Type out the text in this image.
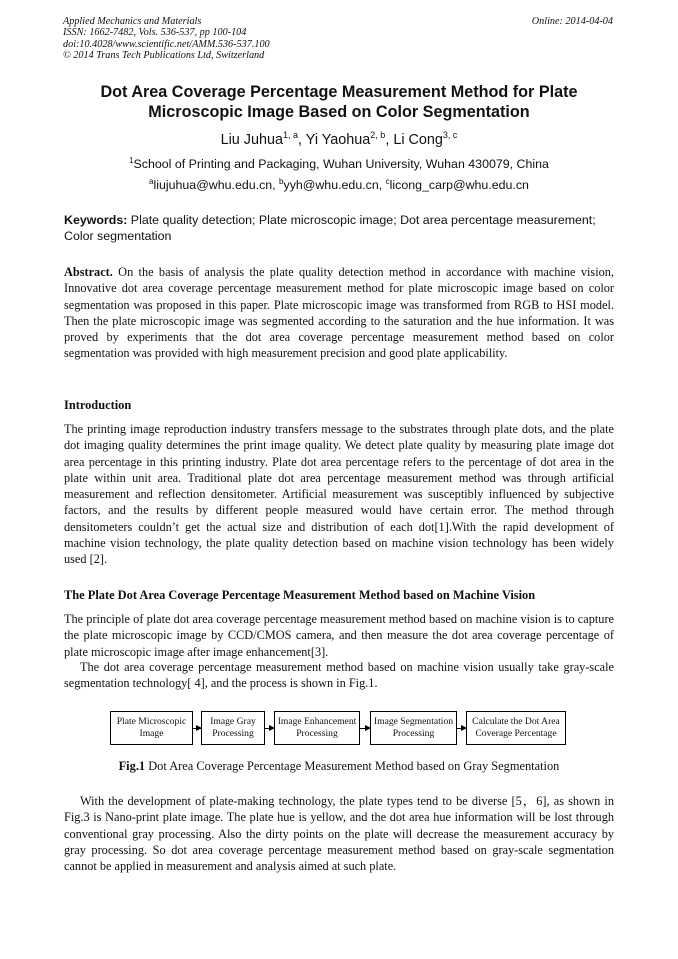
Applied Mechanics and Materials
ISSN: 1662-7482, Vols. 536-537, pp 100-104
doi:10.4028/www.scientific.net/AMM.536-537.100
© 2014 Trans Tech Publications Ltd, Switzerland
Online: 2014-04-04
Dot Area Coverage Percentage Measurement Method for Plate
Microscopic Image Based on Color Segmentation
Liu Juhua$^{1, a}$, Yi Yaohua$^{2, b}$, Li Cong$^{3, c}$
$^1$School of Printing and Packaging, Wuhan University, Wuhan 430079, China
$^a$liujuhua@whu.edu.cn, $^b$yyh@whu.edu.cn, $^c$licong_carp@whu.edu.cn
Keywords: Plate quality detection; Plate microscopic image; Dot area percentage measurement; Color segmentation
Abstract. On the basis of analysis the plate quality detection method in accordance with machine vision, Innovative dot area coverage percentage measurement method for plate microscopic image based on color segmentation was proposed in this paper. Plate microscopic image was transformed from RGB to HSI model. Then the plate microscopic image was segmented according to the saturation and the hue information. It was proved by experiments that the dot area coverage percentage measurement method based on color segmentation was provided with high measurement precision and good plate applicability.
Introduction
The printing image reproduction industry transfers message to the substrates through plate dots, and the plate dot imaging quality determines the print image quality. We detect plate quality by measuring plate image dot area percentage in this printing industry. Plate dot area percentage refers to the percentage of dot area in the plate within unit area. Traditional plate dot area percentage measurement method was through artificial measurement and reflection densitometer. Artificial measurement was susceptibly influenced by subjective factors, and the results by different people measured would have certain error. The method through densitometers couldn’t get the actual size and distribution of each dot[1].With the rapid development of machine vision technology, the plate quality detection based on machine vision technology has been widely used [2].
The Plate Dot Area Coverage Percentage Measurement Method based on Machine Vision
The principle of plate dot area coverage percentage measurement method based on machine vision is to capture the plate microscopic image by CCD/CMOS camera, and then measure the dot area coverage percentage of plate microscopic image after image enhancement[3].
The dot area coverage percentage measurement method based on machine vision usually take gray-scale segmentation technology[ 4], and the process is shown in Fig.1.
Plate Microscopic
Image
Image Gray
Processing
Image Enhancement
Processing
Image Segmentation
Processing
Calculate the Dot Area
Coverage Percentage
Fig.1 Dot Area Coverage Percentage Measurement Method based on Gray Segmentation
With the development of plate-making technology, the plate types tend to be diverse [5，6], as shown in Fig.3 is Nano-print plate image. The plate hue is yellow, and the dot area hue information will be lost through conventional gray processing. Also the dirty points on the plate will decrease the measurement accuracy by gray processing. So dot area coverage percentage measurement method based on gray-scale segmentation cannot be applied in measurement and analysis aimed at such plate.
